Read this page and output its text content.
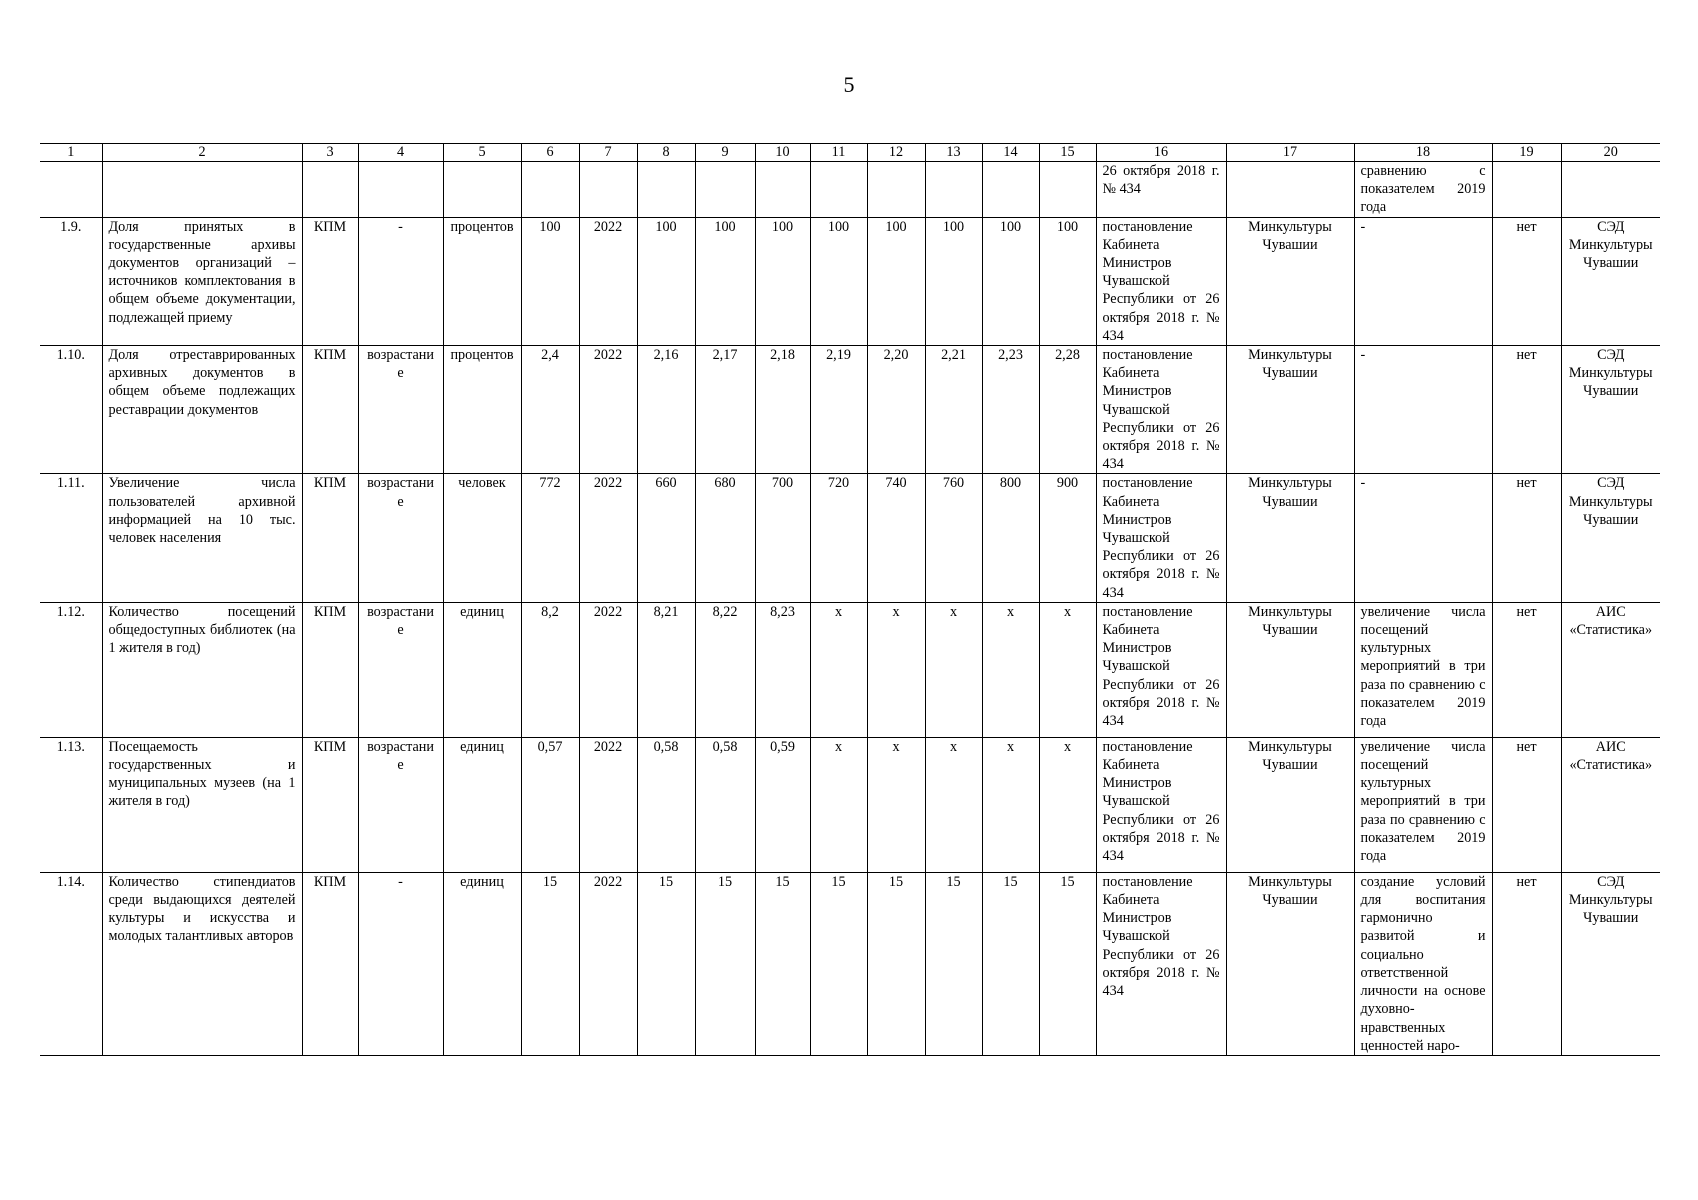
5
1	2	3	4	5	6	7	8	9	10	11	12	13	14	15	16	17	18	19	20
															26 октября 2018 г. № 434		сравнению с показателем 2019 года		
1.9.	Доля принятых в государственные архивы документов организаций – источников комплектования в общем объеме документации, подлежащей приему	КПМ	-	процентов	100	2022	100	100	100	100	100	100	100	100	постановление Кабинета Министров Чувашской Республики от 26 октября 2018 г. № 434	Минкультуры Чувашии	-	нет	СЭД Минкультуры Чувашии
1.10.	Доля отреставрированных архивных документов в общем объеме подлежащих реставрации документов	КПМ	возрастание	процентов	2,4	2022	2,16	2,17	2,18	2,19	2,20	2,21	2,23	2,28	постановление Кабинета Министров Чувашской Республики от 26 октября 2018 г. № 434	Минкультуры Чувашии	-	нет	СЭД Минкультуры Чувашии
1.11.	Увеличение числа пользователей архивной информацией на 10 тыс. человек населения	КПМ	возрастание	человек	772	2022	660	680	700	720	740	760	800	900	постановление Кабинета Министров Чувашской Республики от 26 октября 2018 г. № 434	Минкультуры Чувашии	-	нет	СЭД Минкультуры Чувашии
1.12.	Количество посещений общедоступных библиотек (на 1 жителя в год)	КПМ	возрастание	единиц	8,2	2022	8,21	8,22	8,23	x	x	x	x	x	постановление Кабинета Министров Чувашской Республики от 26 октября 2018 г. № 434	Минкультуры Чувашии	увеличение числа посещений культурных мероприятий в три раза по сравнению с показателем 2019 года	нет	АИС «Статистика»
1.13.	Посещаемость государственных и муниципальных музеев (на 1 жителя в год)	КПМ	возрастание	единиц	0,57	2022	0,58	0,58	0,59	x	x	x	x	x	постановление Кабинета Министров Чувашской Республики от 26 октября 2018 г. № 434	Минкультуры Чувашии	увеличение числа посещений культурных мероприятий в три раза по сравнению с показателем 2019 года	нет	АИС «Статистика»
1.14.	Количество стипендиатов среди выдающихся деятелей культуры и искусства и молодых талантливых авторов	КПМ	-	единиц	15	2022	15	15	15	15	15	15	15	15	постановление Кабинета Министров Чувашской Республики от 26 октября 2018 г. № 434	Минкультуры Чувашии	создание условий для воспитания гармонично развитой и социально ответственной личности на основе духовно-нравственных ценностей наро-	нет	СЭД Минкультуры Чувашии
